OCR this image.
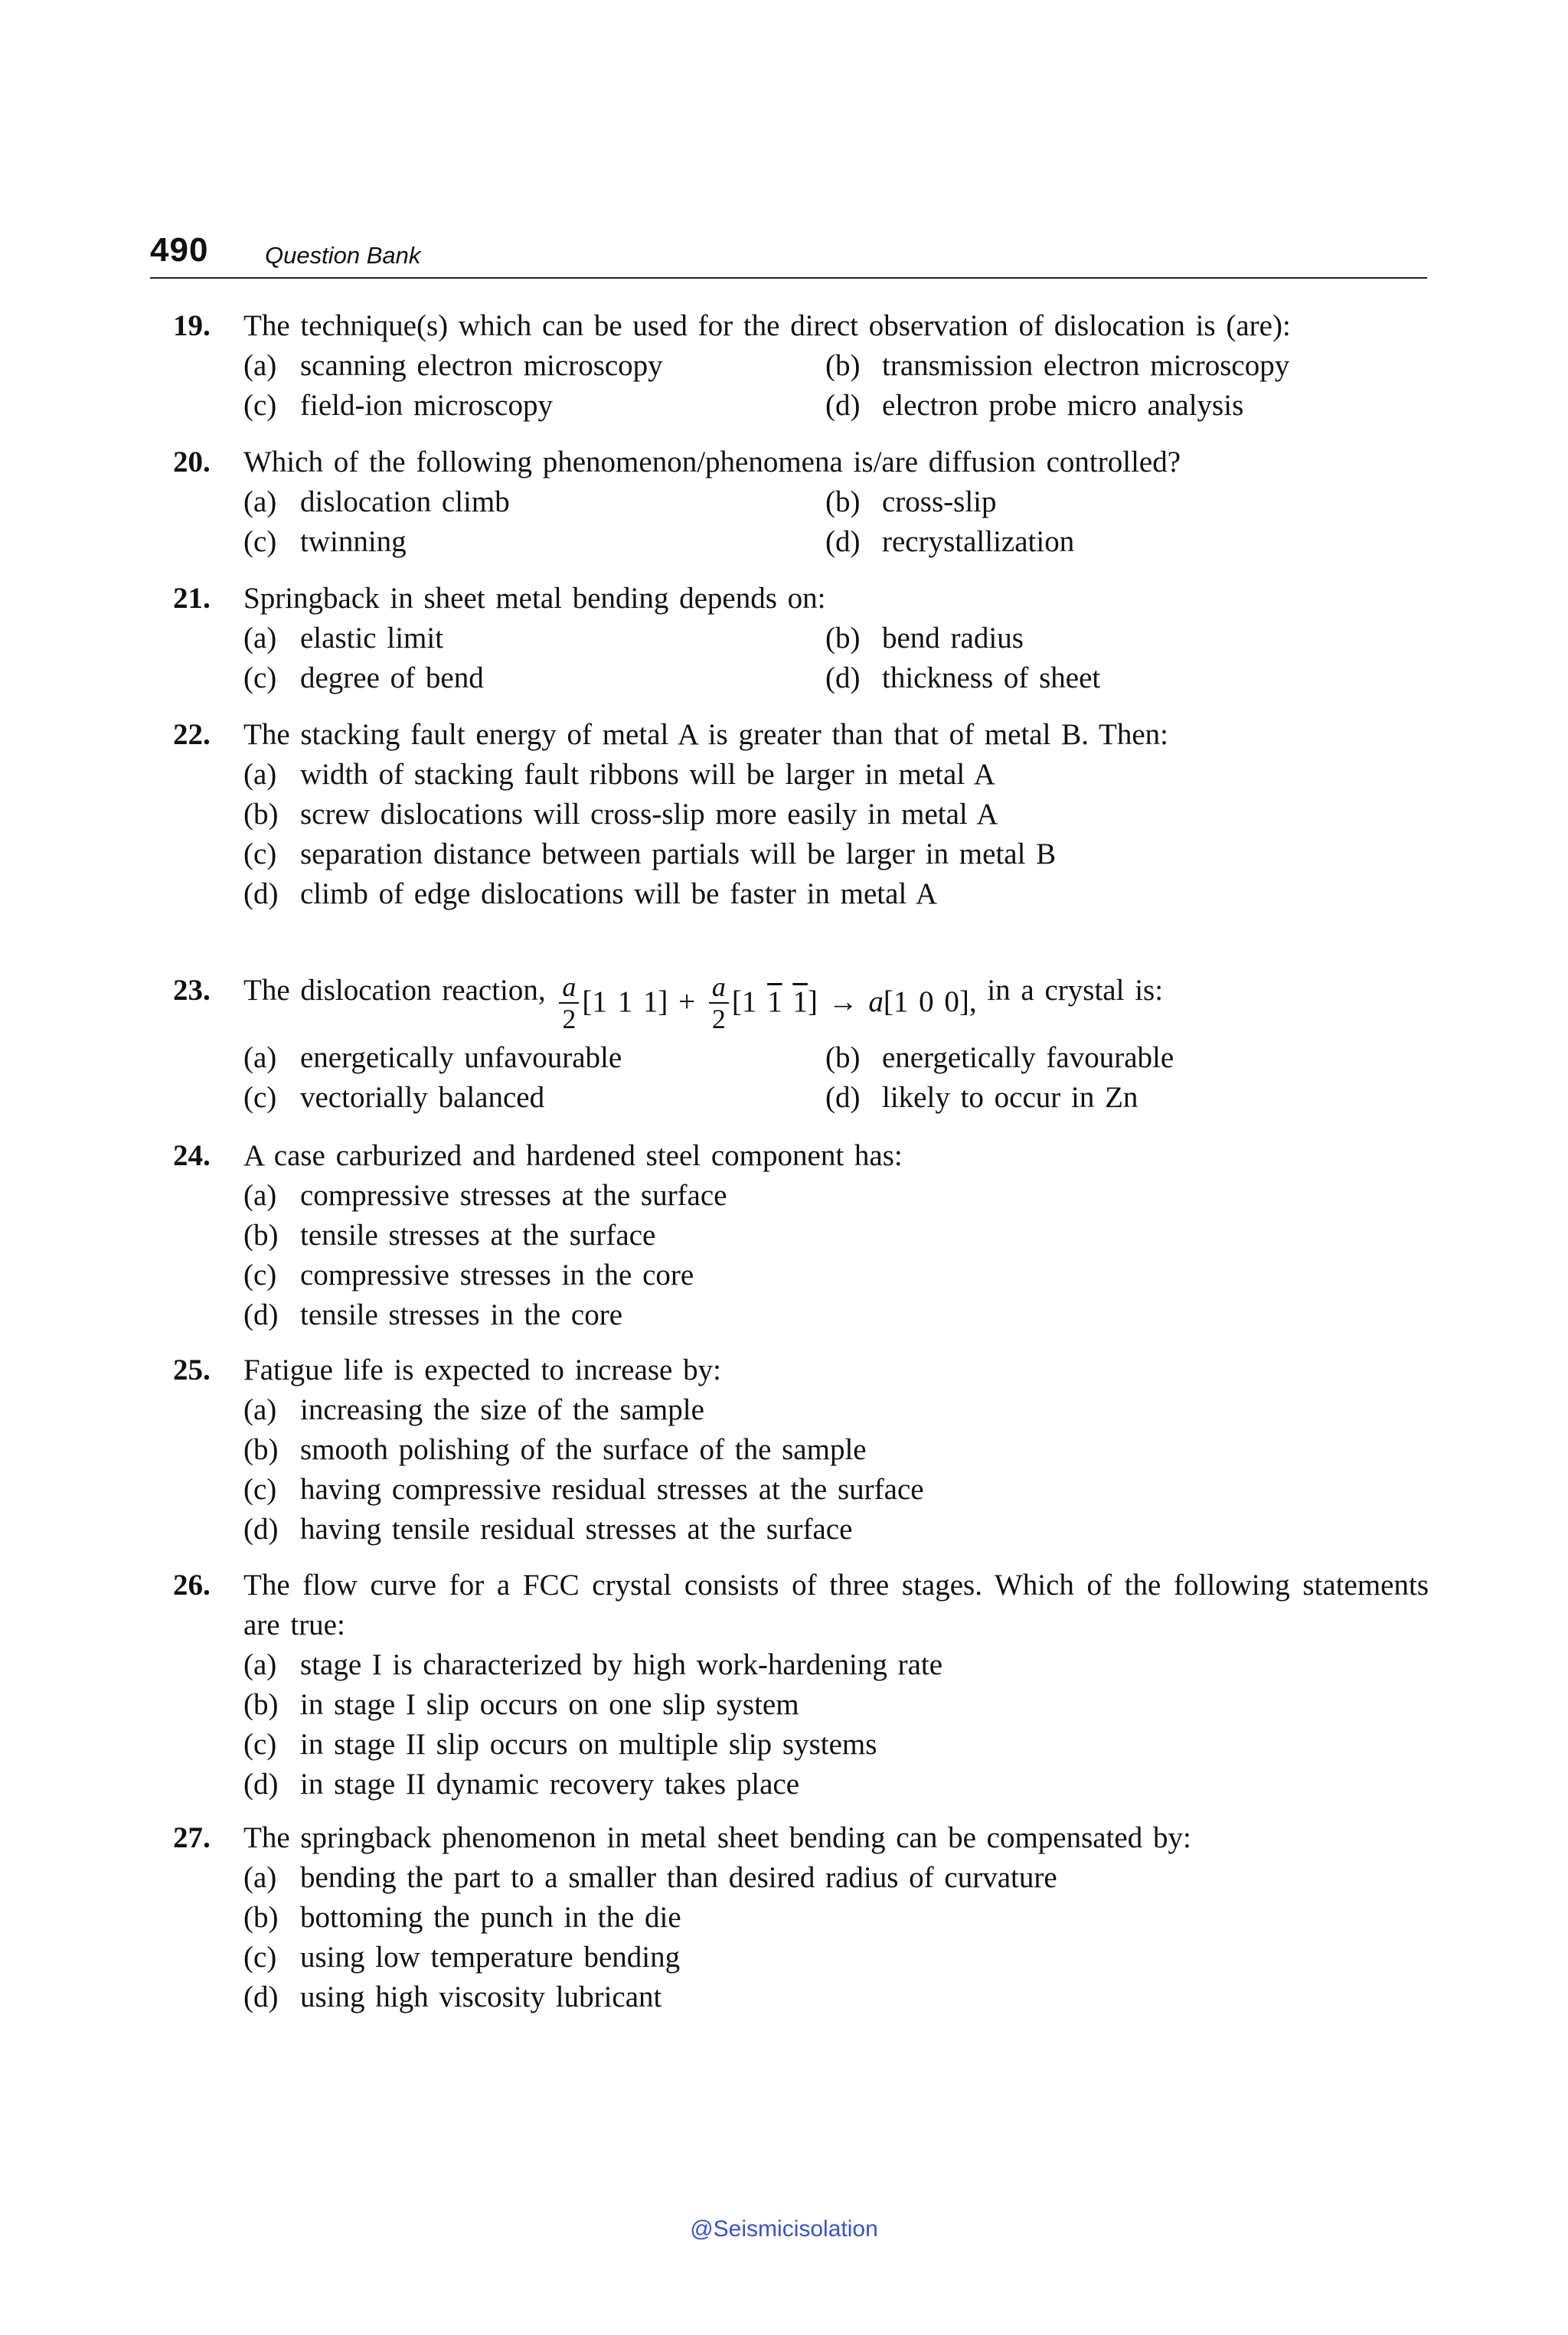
490 Question Bank
19. The technique(s) which can be used for the direct observation of dislocation is (are):
(a) scanning electron microscopy	(b) transmission electron microscopy
(c) field-ion microscopy	(d) electron probe micro analysis
20. Which of the following phenomenon/phenomena is/are diffusion controlled?
(a) dislocation climb	(b) cross-slip
(c) twinning	(d) recrystallization
21. Springback in sheet metal bending depends on:
(a) elastic limit	(b) bend radius
(c) degree of bend	(d) thickness of sheet
22. The stacking fault energy of metal A is greater than that of metal B. Then:
(a) width of stacking fault ribbons will be larger in metal A
(b) screw dislocations will cross-slip more easily in metal A
(c) separation distance between partials will be larger in metal B
(d) climb of edge dislocations will be faster in metal A
23. The dislocation reaction, $\frac{a}{2} [1$ 1 $1] + \frac{a}{2} [1$ 1 1] → a[1 0 0], in a crystal is:
(a) energetically unfavourable	(b) energetically favourable
(c) vectorially balanced	(d) likely to occur in Zn
24. A case carburized and hardened steel component has:
(a) compressive stresses at the surface
(b) tensile stresses at the surface
(c) compressive stresses in the core
(d) tensile stresses in the core
25. Fatigue life is expected to increase by:
(a) increasing the size of the sample
(b) smooth polishing of the surface of the sample
(c) having compressive residual stresses at the surface
(d) having tensile residual stresses at the surface
26. The flow curve for a FCC crystal consists of three stages. Which of the following statements are true:
(a) stage I is characterized by high work-hardening rate
(b) in stage I slip occurs on one slip system
(c) in stage II slip occurs on multiple slip systems
(d) in stage II dynamic recovery takes place
27. The springback phenomenon in metal sheet bending can be compensated by:
(a) bending the part to a smaller than desired radius of curvature
(b) bottoming the punch in the die
(c) using low temperature bending
(d) using high viscosity lubricant
@Seismicisolation
